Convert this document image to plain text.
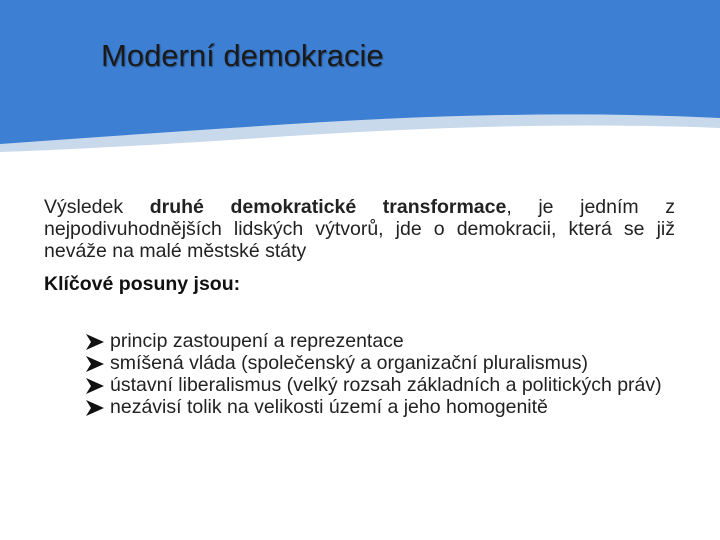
Moderní demokracie
Výsledek druhé demokratické transformace, je jedním z nejpodivuhodnějších lidských výtvorů, jde o demokracii, která se již neváže na malé městské státy
Klíčové posuny jsou:
princip zastoupení a reprezentace
smíšená vláda (společenský a organizační pluralismus)
ústavní liberalismus (velký rozsah základních a politických práv)
nezávisí tolik na velikosti území a jeho homogenitě
